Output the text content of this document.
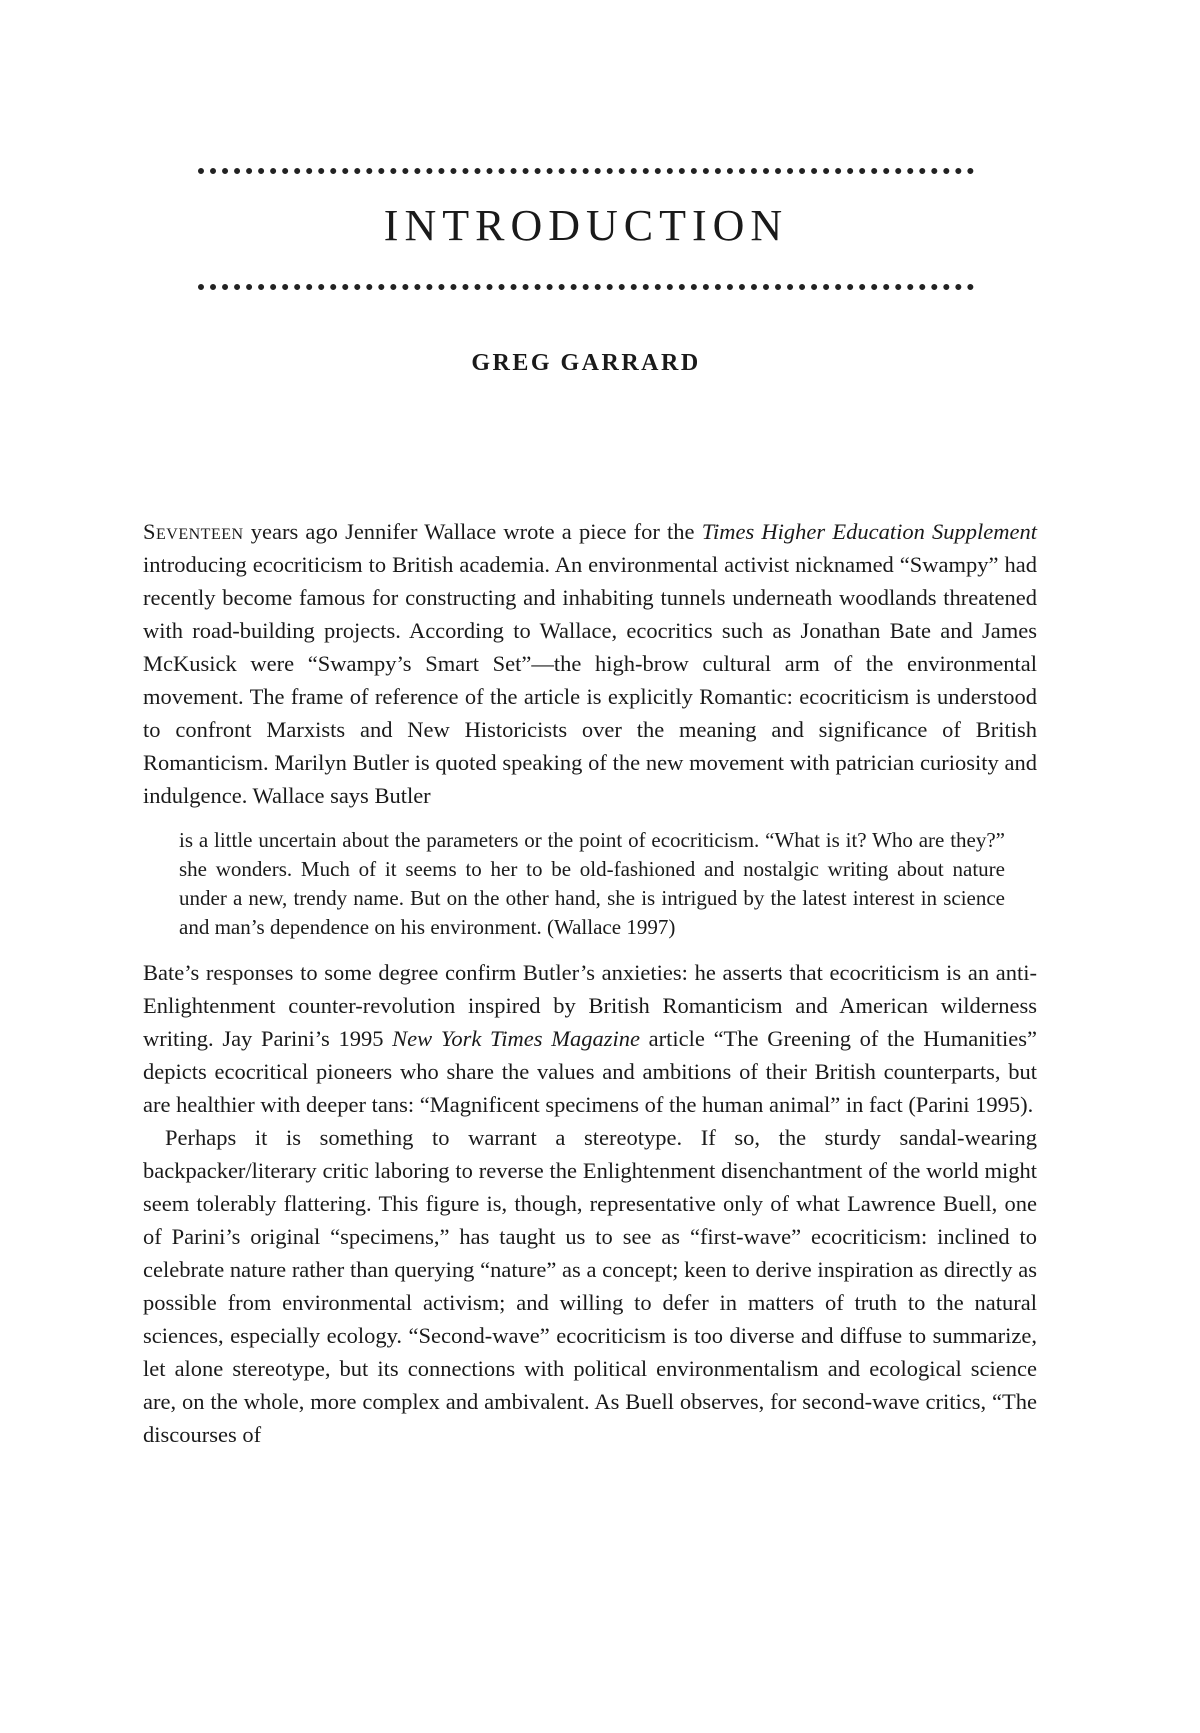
INTRODUCTION
GREG GARRARD

Seventeen years ago Jennifer Wallace wrote a piece for the Times Higher Education Supplement introducing ecocriticism to British academia. An environmental activist nicknamed “Swampy” had recently become famous for constructing and inhabiting tunnels underneath woodlands threatened with road-building projects. According to Wallace, ecocritics such as Jonathan Bate and James McKusick were “Swampy’s Smart Set”—the high-brow cultural arm of the environmental movement. The frame of reference of the article is explicitly Romantic: ecocriticism is understood to confront Marxists and New Historicists over the meaning and significance of British Romanticism. Marilyn Butler is quoted speaking of the new movement with patrician curiosity and indulgence. Wallace says Butler

is a little uncertain about the parameters or the point of ecocriticism. “What is it? Who are they?” she wonders. Much of it seems to her to be old-fashioned and nostalgic writing about nature under a new, trendy name. But on the other hand, she is intrigued by the latest interest in science and man’s dependence on his environment. (Wallace 1997)

Bate’s responses to some degree confirm Butler’s anxieties: he asserts that ecocriticism is an anti-Enlightenment counter-revolution inspired by British Romanticism and American wilderness writing. Jay Parini’s 1995 New York Times Magazine article “The Greening of the Humanities” depicts ecocritical pioneers who share the values and ambitions of their British counterparts, but are healthier with deeper tans: “Magnificent specimens of the human animal” in fact (Parini 1995).

Perhaps it is something to warrant a stereotype. If so, the sturdy sandal-wearing backpacker/literary critic laboring to reverse the Enlightenment disenchantment of the world might seem tolerably flattering. This figure is, though, representative only of what Lawrence Buell, one of Parini’s original “specimens,” has taught us to see as “first-wave” ecocriticism: inclined to celebrate nature rather than querying “nature” as a concept; keen to derive inspiration as directly as possible from environmental activism; and willing to defer in matters of truth to the natural sciences, especially ecology. “Second-wave” ecocriticism is too diverse and diffuse to summarize, let alone stereotype, but its connections with political environmentalism and ecological science are, on the whole, more complex and ambivalent. As Buell observes, for second-wave critics, “The discourses of
